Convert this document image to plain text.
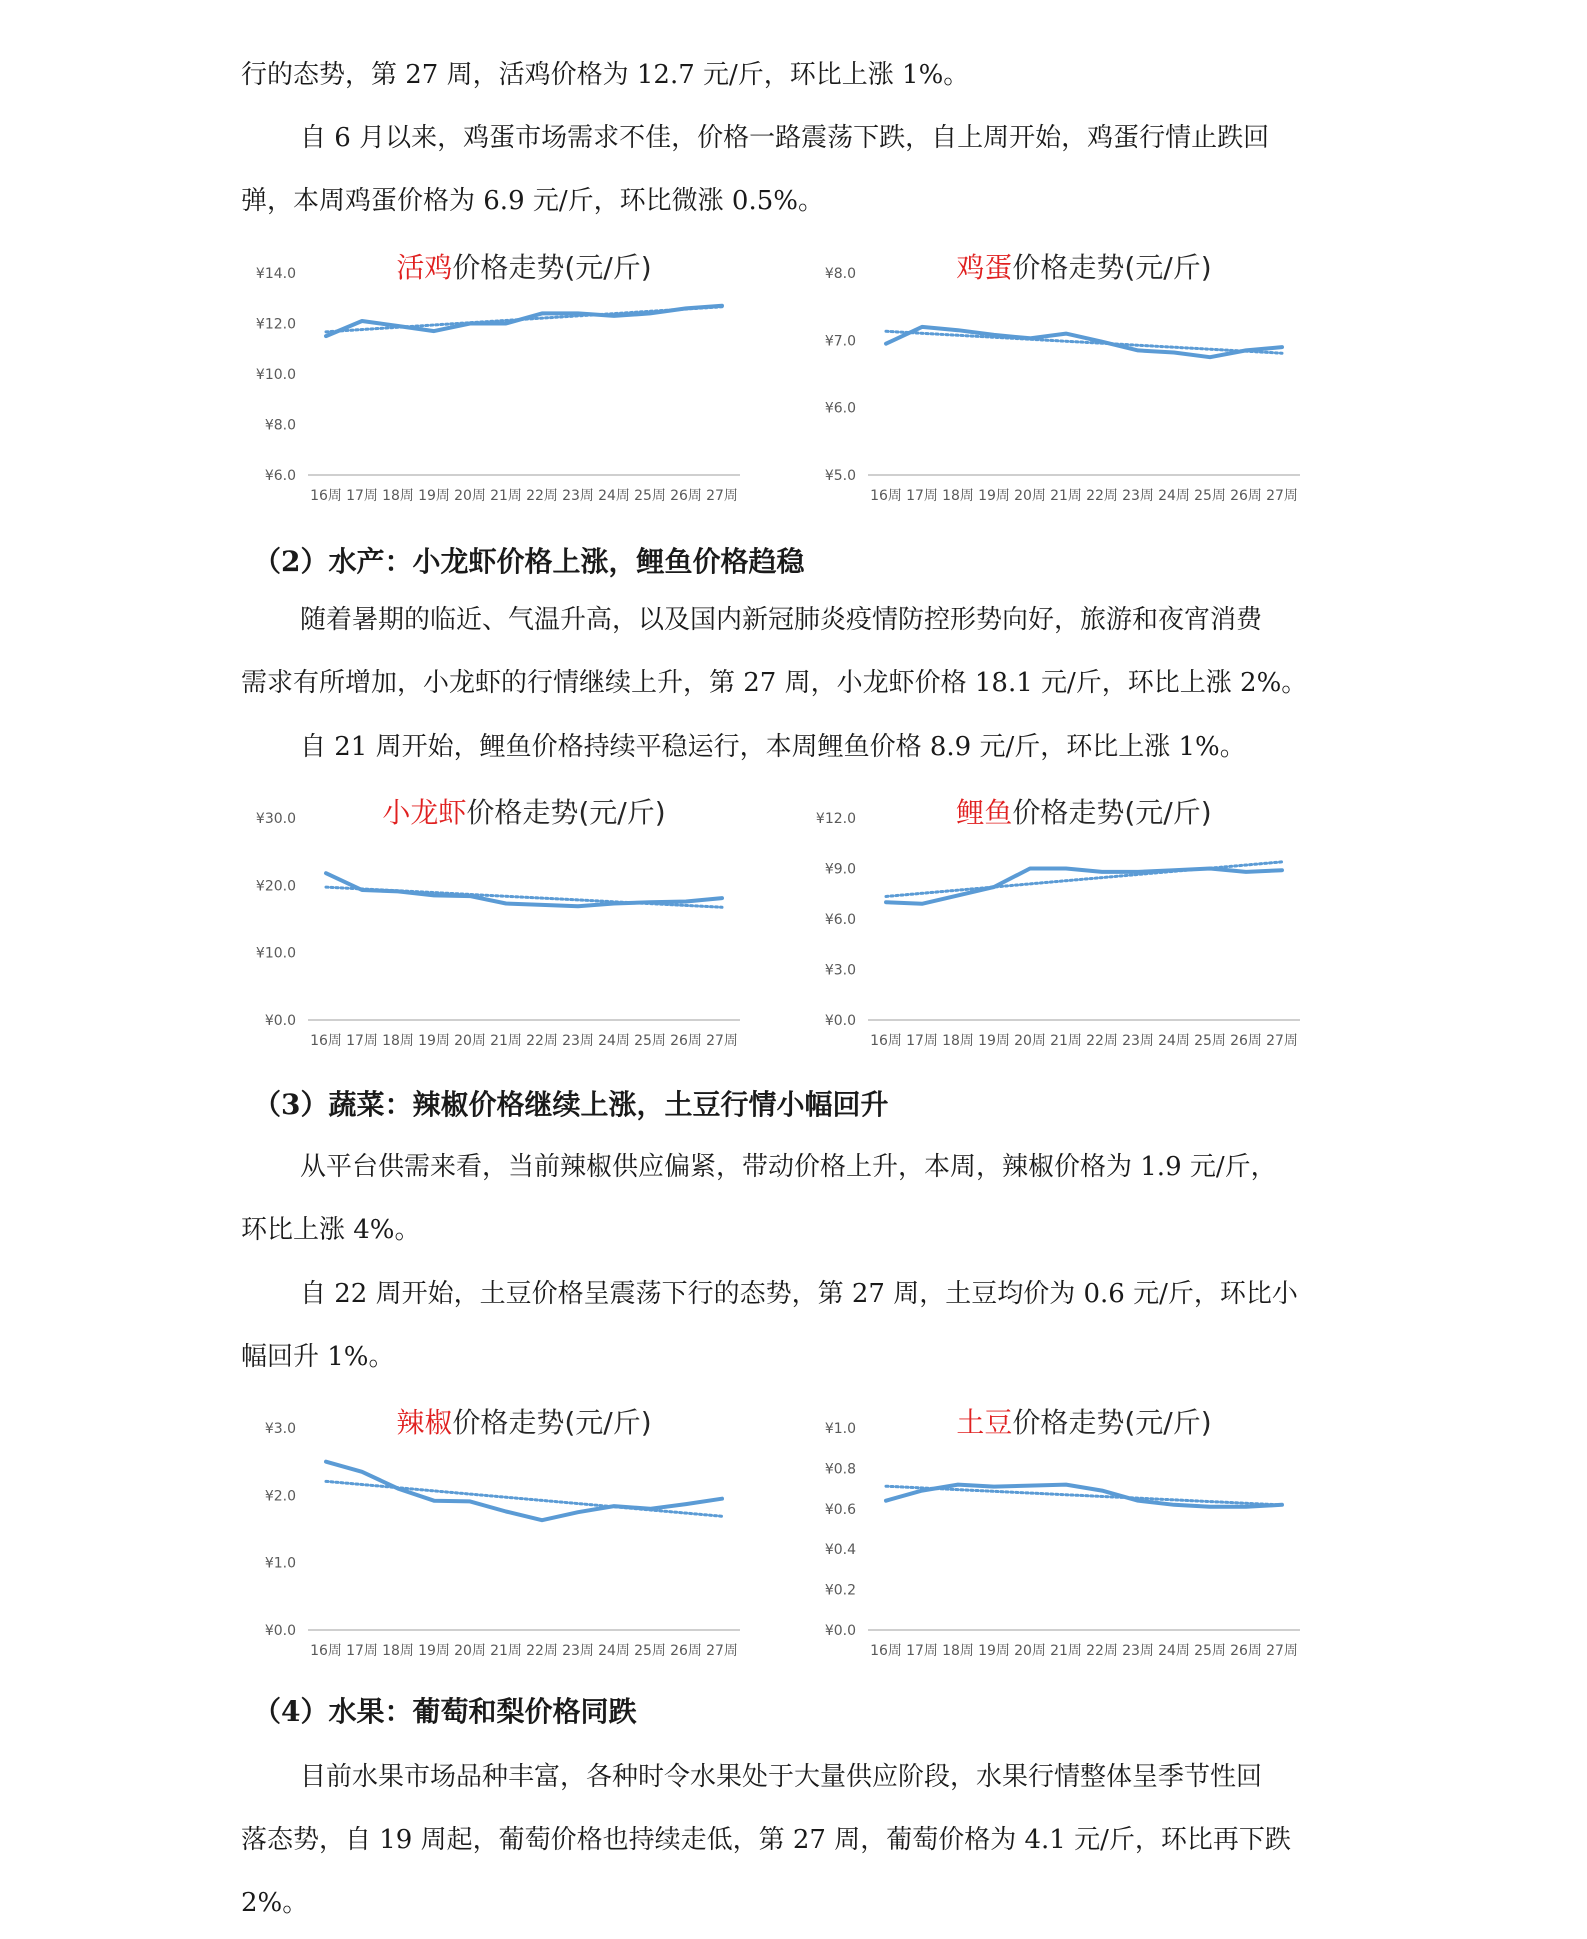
行的态势，第 27 周，活鸡价格为 12.7 元/斤，环比上涨 1%。
自 6 月以来，鸡蛋市场需求不佳，价格一路震荡下跌，自上周开始，鸡蛋行情止跌回
弹，本周鸡蛋价格为 6.9 元/斤，环比微涨 0.5%。
随着暑期的临近、气温升高，以及国内新冠肺炎疫情防控形势向好，旅游和夜宵消费
需求有所增加，小龙虾的行情继续上升，第 27 周，小龙虾价格 18.1 元/斤，环比上涨 2%。
自 21 周开始，鲤鱼价格持续平稳运行，本周鲤鱼价格 8.9 元/斤，环比上涨 1%。
从平台供需来看，当前辣椒供应偏紧，带动价格上升，本周，辣椒价格为 1.9 元/斤，
环比上涨 4%。
自 22 周开始，土豆价格呈震荡下行的态势，第 27 周，土豆均价为 0.6 元/斤，环比小
幅回升 1%。
目前水果市场品种丰富，各种时令水果处于大量供应阶段，水果行情整体呈季节性回
落态势，自 19 周起，葡萄价格也持续走低，第 27 周，葡萄价格为 4.1 元/斤，环比再下跌
2%。
（2）水产：小龙虾价格上涨，鲤鱼价格趋稳
（3）蔬菜：辣椒价格继续上涨，土豆行情小幅回升
（4）水果：葡萄和梨价格同跌
活鸡价格走势(元/斤)
¥6.0
¥8.0
¥10.0
¥12.0
¥14.0
16周 17周 18周 19周 20周 21周 22周 23周 24周 25周 26周 27周
鸡蛋价格走势(元/斤)
¥5.0
¥6.0
¥7.0
¥8.0
16周 17周 18周 19周 20周 21周 22周 23周 24周 25周 26周 27周
小龙虾价格走势(元/斤)
¥0.0
¥10.0
¥20.0
¥30.0
16周 17周 18周 19周 20周 21周 22周 23周 24周 25周 26周 27周
鲤鱼价格走势(元/斤)
¥0.0
¥3.0
¥6.0
¥9.0
¥12.0
16周 17周 18周 19周 20周 21周 22周 23周 24周 25周 26周 27周
辣椒价格走势(元/斤)
¥0.0
¥1.0
¥2.0
¥3.0
16周 17周 18周 19周 20周 21周 22周 23周 24周 25周 26周 27周
土豆价格走势(元/斤)
¥0.0
¥0.2
¥0.4
¥0.6
¥0.8
¥1.0
16周 17周 18周 19周 20周 21周 22周 23周 24周 25周 26周 27周
